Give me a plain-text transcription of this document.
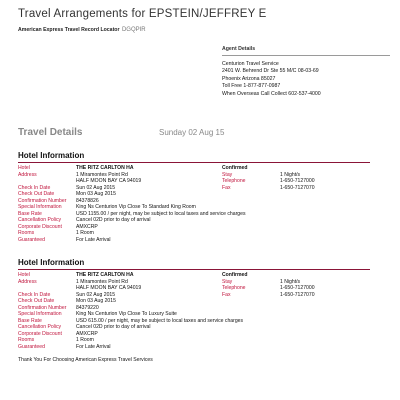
Travel Arrangements for EPSTEIN/JEFFREY E
American Express Travel Record Locator DGQPIR
Agent Details
Centurion Travel Service
2401 W. Behrend Dr Ste 55 M/C 08-03-69
Phoenix Arizona 85027
Toll Free 1-877-877-0987
When Overseas Call Collect 602-537-4000
Travel Details	Sunday 02 Aug 15
Hotel Information
Hotel	THE RITZ CARLTON HA	Confirmed
Address	1 Miramontes Point Rd	Stay	1 Night/s
HALF MOON BAY CA 94019	Telephone	1-650-7127000
Check In Date	Sun 02 Aug 2015	Fax	1-650-7127070
Check Out Date	Mon 03 Aug 2015
Confirmation Number 84378826
Special Information	King Ns Centurion Vip Close To Standard King Room
Base Rate	USD 1155.00 / per night, may be subject to local taxes and service charges
Cancellation Policy	Cancel 02D prior to day of arrival
Corporate Discount	AMXCRP
Rooms	1 Room
Guaranteed	For Late Arrival
Hotel Information
Hotel	THE RITZ CARLTON HA	Confirmed
Address	1 Miramontes Point Rd	Stay	1 Night/s
HALF MOON BAY CA 94019	Telephone	1-650-7127000
Check In Date	Sun 02 Aug 2015	Fax	1-650-7127070
Check Out Date	Mon 03 Aug 2015
Confirmation Number 84379220
Special Information	King Ns Centurion Vip Close To Luxury Suite
Base Rate	USD 615.00 / per night, may be subject to local taxes and service charges
Cancellation Policy	Cancel 02D prior to day of arrival
Corporate Discount	AMXCRP
Rooms	1 Room
Guaranteed	For Late Arrival
Thank You For Choosing American Express Travel Services
